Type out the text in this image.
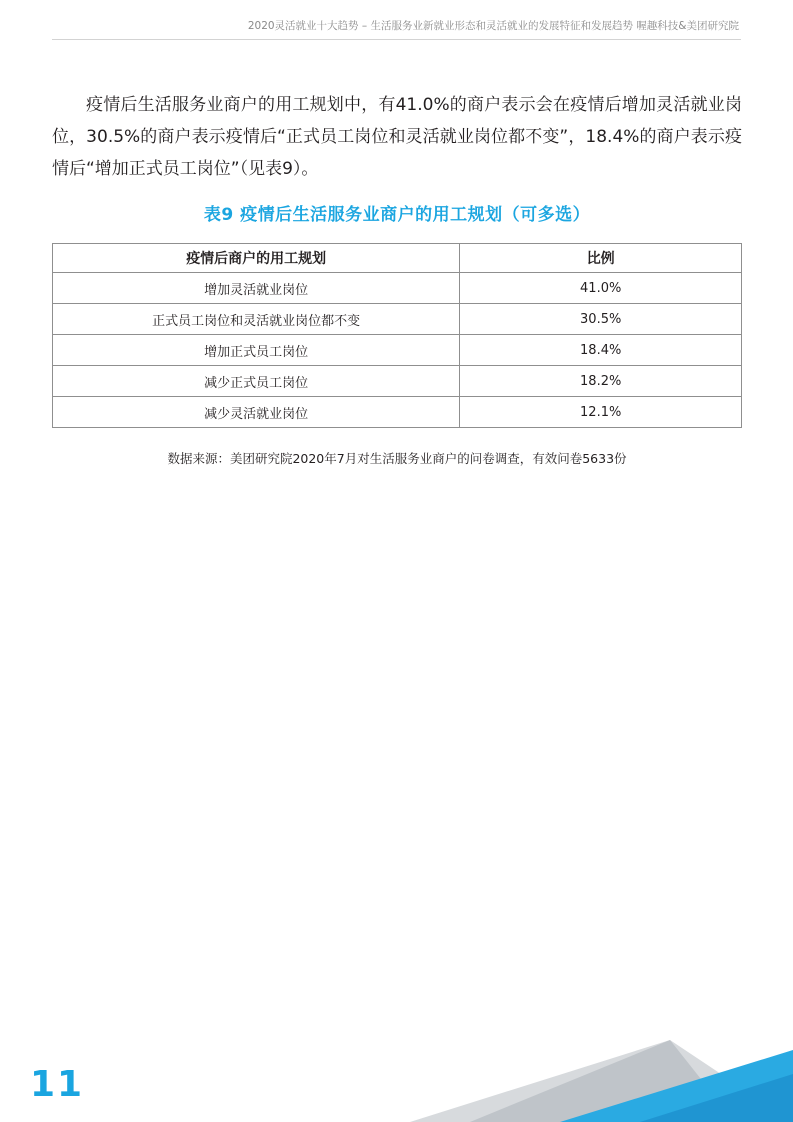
2020灵活就业十大趋势 – 生活服务业新就业形态和灵活就业的发展特征和发展趋势 喔趣科技&美团研究院

疫情后生活服务业商户的用工规划中，有41.0%的商户表示会在疫情后增加灵活就业岗位，30.5%的商户表示疫情后“正式员工岗位和灵活就业岗位都不变”，18.4%的商户表示疫情后“增加正式员工岗位”（见表9）。

表9 疫情后生活服务业商户的用工规划（可多选）
疫情后商户的用工规划	比例
增加灵活就业岗位	41.0%
正式员工岗位和灵活就业岗位都不变	30.5%
增加正式员工岗位	18.4%
减少正式员工岗位	18.2%
减少灵活就业岗位	12.1%
数据来源：美团研究院2020年7月对生活服务业商户的问卷调查，有效问卷5633份
11
